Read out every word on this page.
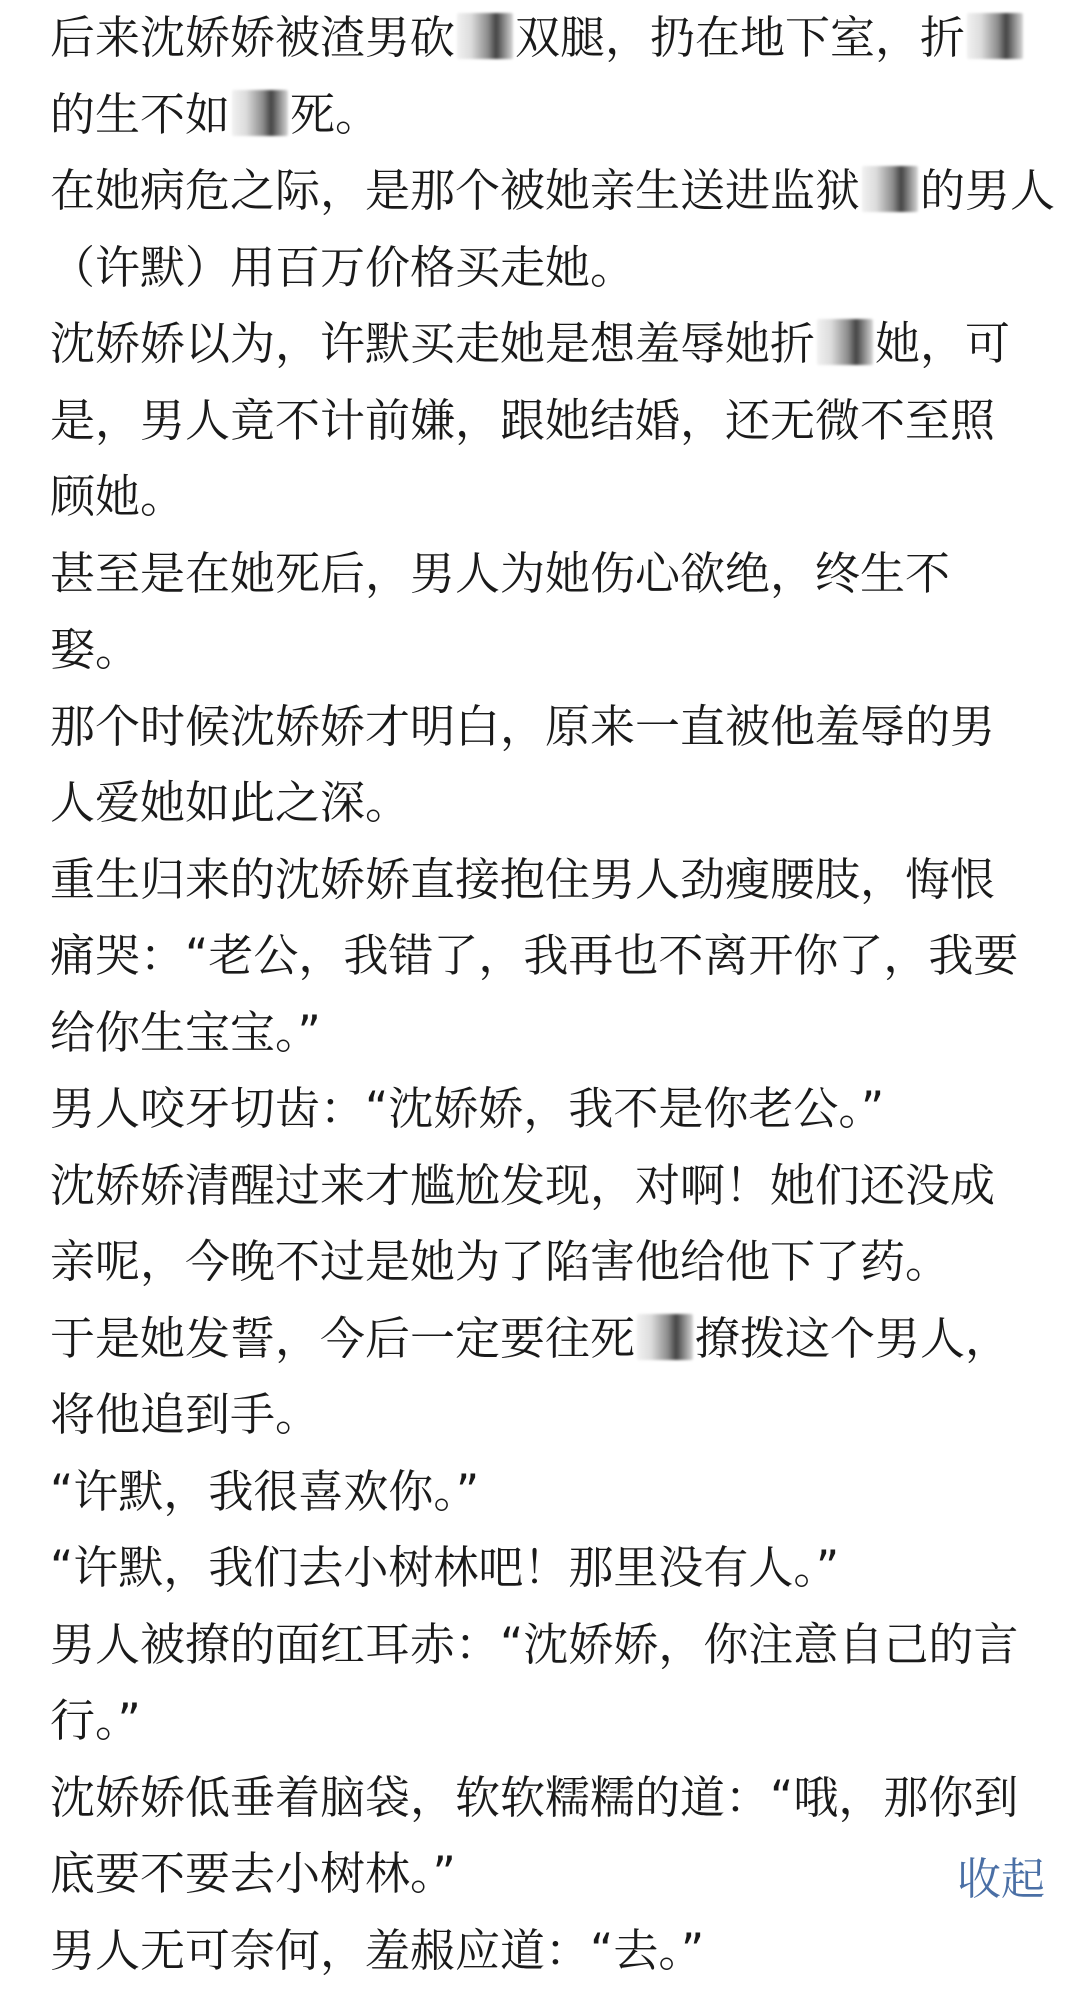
后来沈娇娇被渣男砍 双腿，扔在地下室，折
的生不如 死。
在她病危之际，是那个被她亲生送进监狱 的男人
（许默）用百万价格买走她。
沈娇娇以为，许默买走她是想羞辱她折 她，可
是，男人竟不计前嫌，跟她结婚，还无微不至照
顾她。
甚至是在她死后，男人为她伤心欲绝，终生不
娶。
那个时候沈娇娇才明白，原来一直被他羞辱的男
人爱她如此之深。
重生归来的沈娇娇直接抱住男人劲瘦腰肢，悔恨
痛哭：“老公，我错了，我再也不离开你了，我要
给你生宝宝。”
男人咬牙切齿：“沈娇娇，我不是你老公。”
沈娇娇清醒过来才尴尬发现，对啊！她们还没成
亲呢，今晚不过是她为了陷害他给他下了药。
于是她发誓，今后一定要往死 撩拨这个男人，
将他追到手。
“许默，我很喜欢你。”
“许默，我们去小树林吧！那里没有人。”
男人被撩的面红耳赤：“沈娇娇，你注意自己的言
行。”
沈娇娇低垂着脑袋，软软糯糯的道：“哦，那你到
底要不要去小树林。”
男人无可奈何，羞赧应道：“去。”
收起
